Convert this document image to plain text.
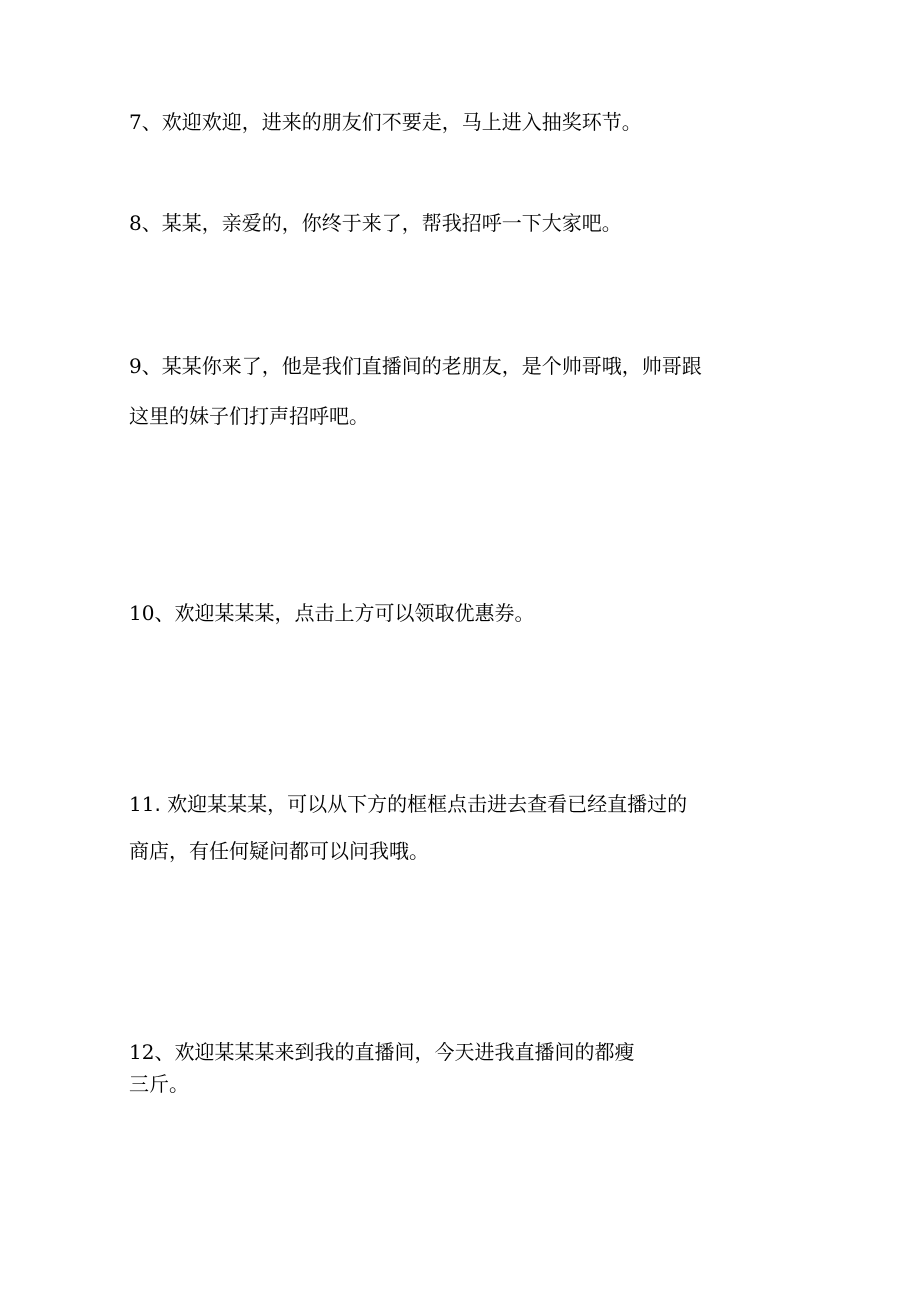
7、欢迎欢迎，进来的朋友们不要走，马上进入抽奖环节。
8、某某，亲爱的，你终于来了，帮我招呼一下大家吧。
9、某某你来了，他是我们直播间的老朋友，是个帅哥哦，帅哥跟
这里的妹子们打声招呼吧。
10、欢迎某某某，点击上方可以领取优惠券。
11. 欢迎某某某，可以从下方的框框点击进去查看已经直播过的
商店，有任何疑问都可以问我哦。
12、欢迎某某某来到我的直播间，今天进我直播间的都瘦
三斤。
